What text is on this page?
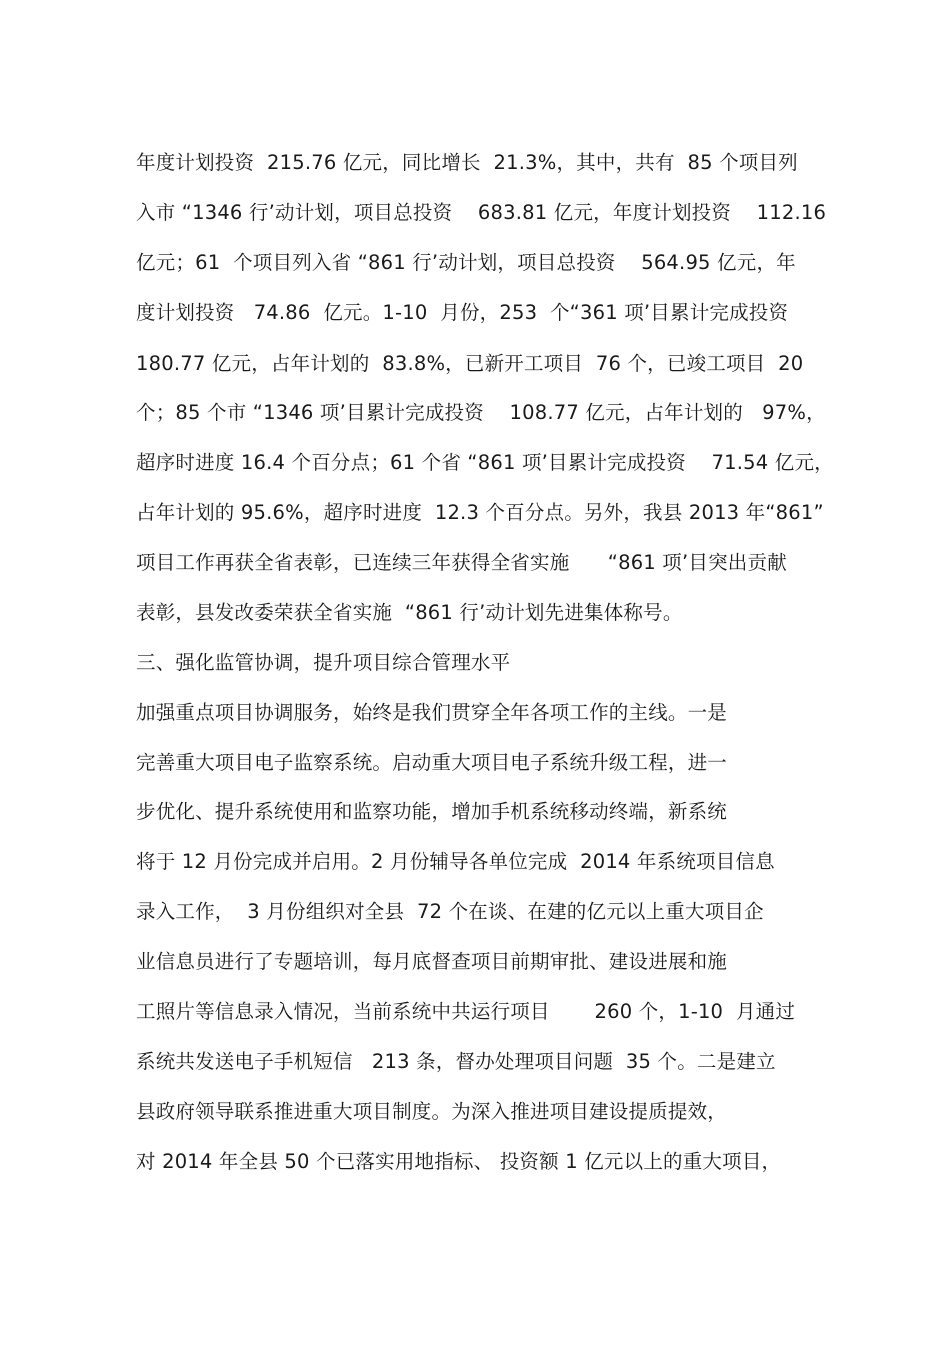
年度计划投资  215.76 亿元，同比增长  21.3%，其中，共有  85 个项目列

入市 “1346 行’动计划，项目总投资    683.81 亿元，年度计划投资    112.16

亿元；61  个项目列入省 “861 行’动计划，项目总投资    564.95 亿元，年

度计划投资   74.86  亿元。1-10  月份，253  个“361 项’目累计完成投资

180.77 亿元，占年计划的  83.8%，已新开工项目  76 个，已竣工项目  20

个；85 个市 “1346 项’目累计完成投资    108.77 亿元，占年计划的   97%，

超序时进度 16.4 个百分点；61 个省 “861 项’目累计完成投资    71.54 亿元，

占年计划的 95.6%，超序时进度  12.3 个百分点。另外，我县 2013 年“861”

项目工作再获全省表彰，已连续三年获得全省实施      “861 项’目突出贡献

表彰，县发改委荣获全省实施  “861 行’动计划先进集体称号。

三、强化监管协调，提升项目综合管理水平

加强重点项目协调服务，始终是我们贯穿全年各项工作的主线。一是

完善重大项目电子监察系统。启动重大项目电子系统升级工程，进一

步优化、提升系统使用和监察功能，增加手机系统移动终端，新系统

将于 12 月份完成并启用。2 月份辅导各单位完成  2014 年系统项目信息

录入工作，  3 月份组织对全县  72 个在谈、在建的亿元以上重大项目企

业信息员进行了专题培训，每月底督查项目前期审批、建设进展和施

工照片等信息录入情况，当前系统中共运行项目       260 个，1-10  月通过

系统共发送电子手机短信   213 条，督办处理项目问题  35 个。二是建立

县政府领导联系推进重大项目制度。为深入推进项目建设提质提效，

对 2014 年全县 50 个已落实用地指标、 投资额 1 亿元以上的重大项目，
